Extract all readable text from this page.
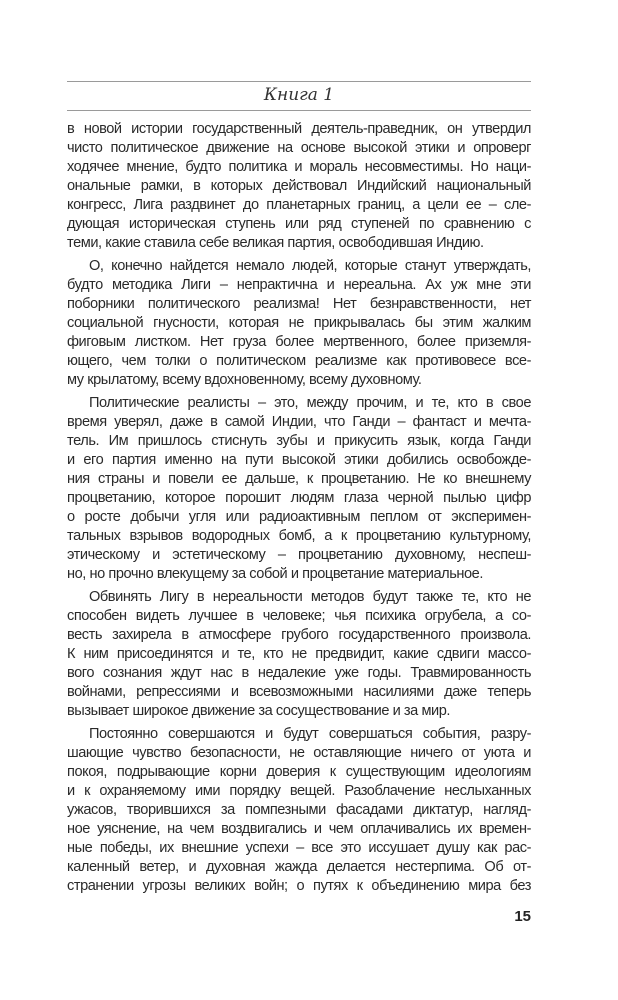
Книга 1
в новой истории государственный деятель-праведник, он утвердил
чисто политическое движение на основе высокой этики и опроверг
ходячее мнение, будто политика и мораль несовместимы. Но наци-
ональные рамки, в которых действовал Индийский национальный
конгресс, Лига раздвинет до планетарных границ, а цели ее – сле-
дующая историческая ступень или ряд ступеней по сравнению с
теми, какие ставила себе великая партия, освободившая Индию.
О, конечно найдется немало людей, которые станут утверждать,
будто методика Лиги – непрактична и нереальна. Ах уж мне эти
поборники политического реализма! Нет безнравственности, нет
социальной гнусности, которая не прикрывалась бы этим жалким
фиговым листком. Нет груза более мертвенного, более приземля-
ющего, чем толки о политическом реализме как противовесе все-
му крылатому, всему вдохновенному, всему духовному.
Политические реалисты – это, между прочим, и те, кто в свое
время уверял, даже в самой Индии, что Ганди – фантаст и мечта-
тель. Им пришлось стиснуть зубы и прикусить язык, когда Ганди
и его партия именно на пути высокой этики добились освобожде-
ния страны и повели ее дальше, к процветанию. Не ко внешнему
процветанию, которое порошит людям глаза черной пылью цифр
о росте добычи угля или радиоактивным пеплом от эксперимен-
тальных взрывов водородных бомб, а к процветанию культурному,
этическому и эстетическому – процветанию духовному, неспеш-
но, но прочно влекущему за собой и процветание материальное.
Обвинять Лигу в нереальности методов будут также те, кто не
способен видеть лучшее в человеке; чья психика огрубела, а со-
весть захирела в атмосфере грубого государственного произвола.
К ним присоединятся и те, кто не предвидит, какие сдвиги массо-
вого сознания ждут нас в недалекие уже годы. Травмированность
войнами, репрессиями и всевозможными насилиями даже теперь
вызывает широкое движение за сосуществование и за мир.
Постоянно совершаются и будут совершаться события, разру-
шающие чувство безопасности, не оставляющие ничего от уюта и
покоя, подрывающие корни доверия к существующим идеологиям
и к охраняемому ими порядку вещей. Разоблачение неслыханных
ужасов, творившихся за помпезными фасадами диктатур, нагляд-
ное уяснение, на чем воздвигались и чем оплачивались их времен-
ные победы, их внешние успехи – все это иссушает душу как рас-
каленный ветер, и духовная жажда делается нестерпима. Об от-
странении угрозы великих войн; о путях к объединению мира без
15
